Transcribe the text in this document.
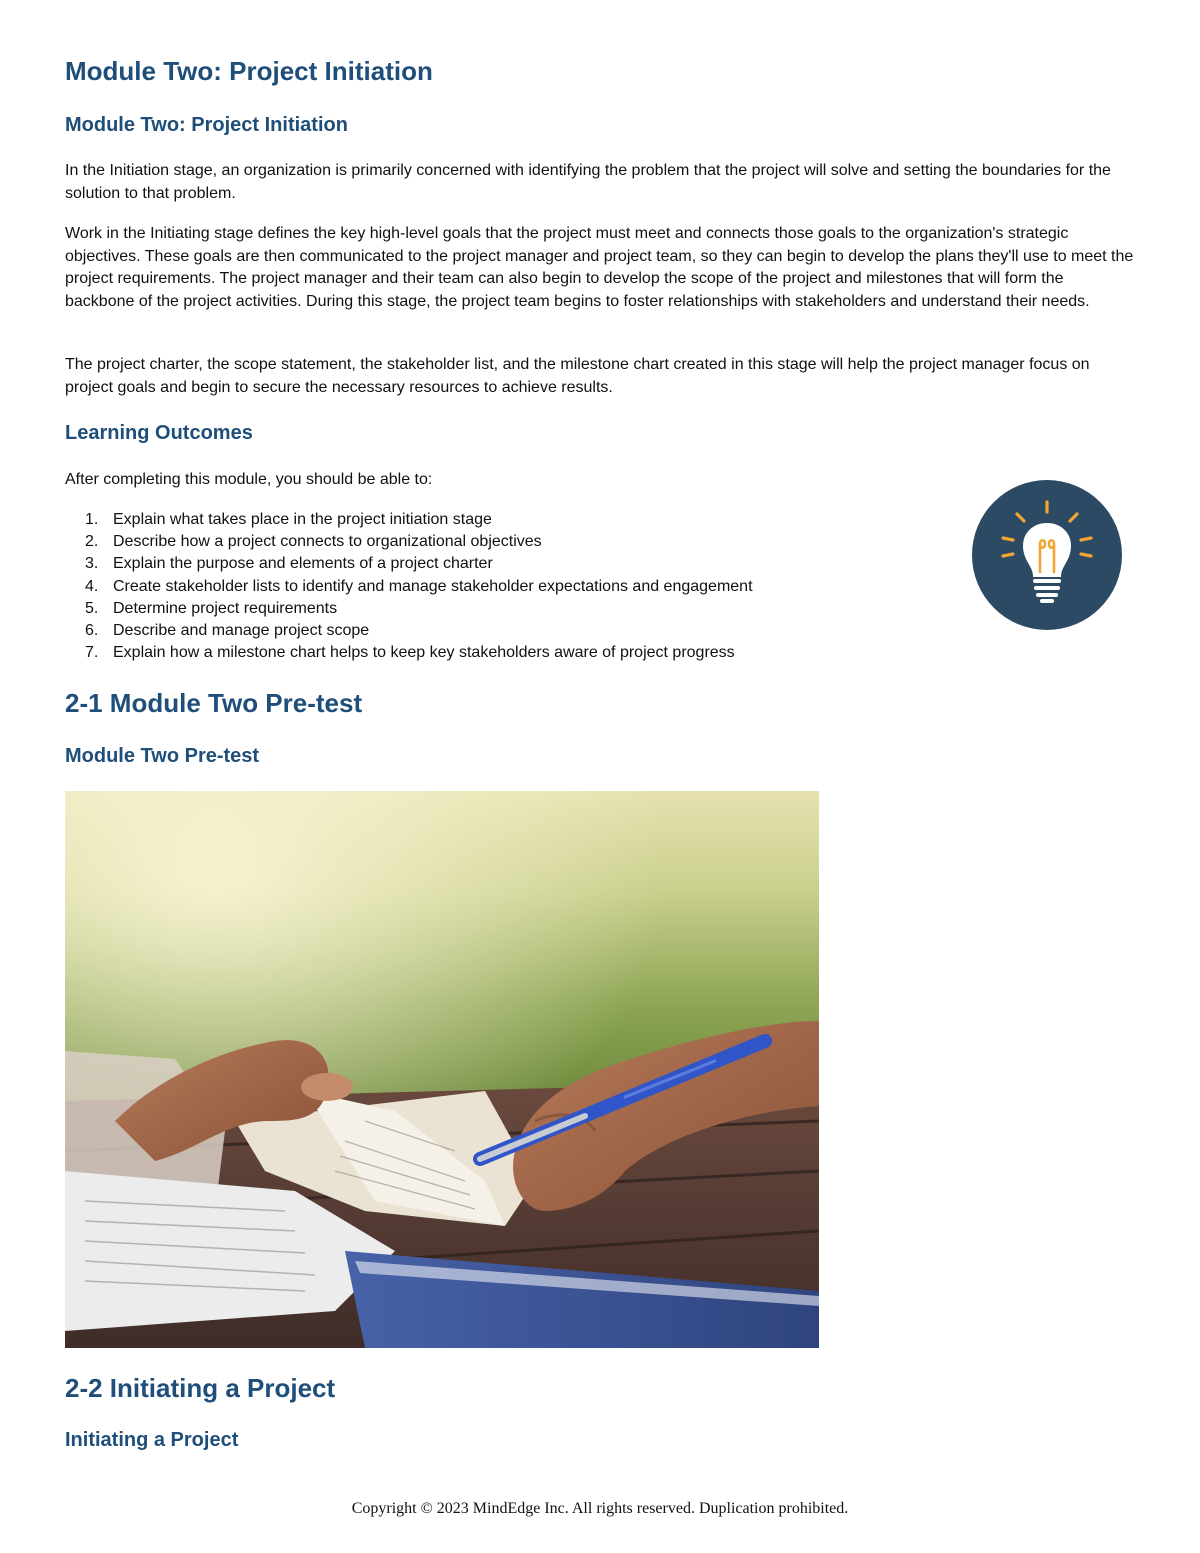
Module Two: Project Initiation
Module Two: Project Initiation

In the Initiation stage, an organization is primarily concerned with identifying the problem that the project will solve and setting the boundaries for the solution to that problem.

Work in the Initiating stage defines the key high-level goals that the project must meet and connects those goals to the organization's strategic objectives. These goals are then communicated to the project manager and project team, so they can begin to develop the plans they'll use to meet the project requirements. The project manager and their team can also begin to develop the scope of the project and milestones that will form the backbone of the project activities. During this stage, the project team begins to foster relationships with stakeholders and understand their needs.

The project charter, the scope statement, the stakeholder list, and the milestone chart created in this stage will help the project manager focus on project goals and begin to secure the necessary resources to achieve results.

Learning Outcomes

After completing this module, you should be able to:

1. Explain what takes place in the project initiation stage
2. Describe how a project connects to organizational objectives
3. Explain the purpose and elements of a project charter
4. Create stakeholder lists to identify and manage stakeholder expectations and engagement
5. Determine project requirements
6. Describe and manage project scope
7. Explain how a milestone chart helps to keep key stakeholders aware of project progress
2-1 Module Two Pre-test
Module Two Pre-test
2-2 Initiating a Project
Initiating a Project
Copyright © 2023 MindEdge Inc. All rights reserved. Duplication prohibited.
